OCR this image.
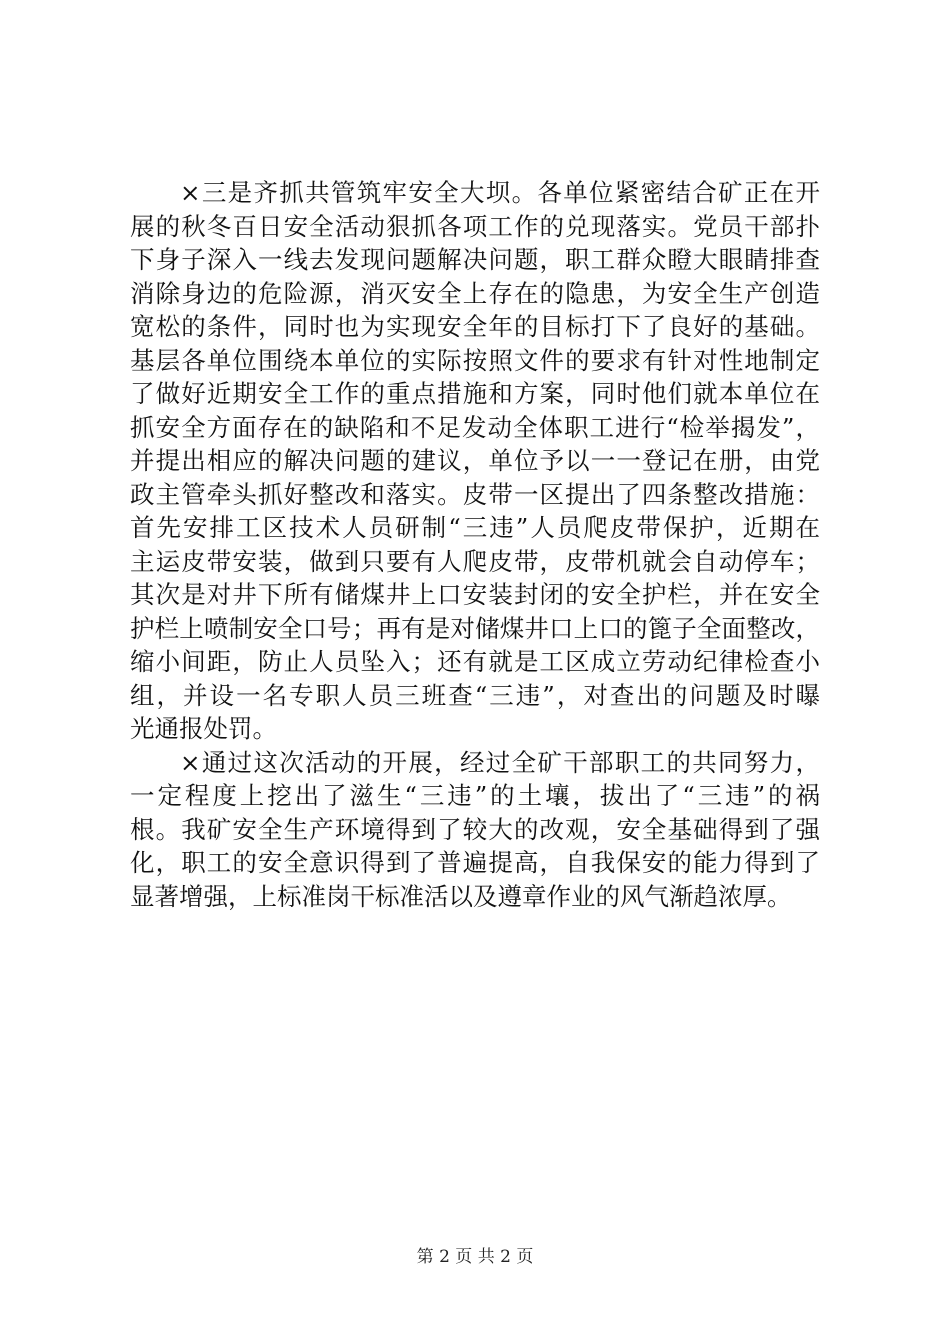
×三是齐抓共管筑牢安全大坝。各单位紧密结合矿正在开
展的秋冬百日安全活动狠抓各项工作的兑现落实。党员干部扑
下身子深入一线去发现问题解决问题，职工群众瞪大眼睛排查
消除身边的危险源，消灭安全上存在的隐患，为安全生产创造
宽松的条件，同时也为实现安全年的目标打下了良好的基础。
基层各单位围绕本单位的实际按照文件的要求有针对性地制定
了做好近期安全工作的重点措施和方案，同时他们就本单位在
抓安全方面存在的缺陷和不足发动全体职工进行“检举揭发”，
并提出相应的解决问题的建议，单位予以一一登记在册，由党
政主管牵头抓好整改和落实。皮带一区提出了四条整改措施：
首先安排工区技术人员研制“三违”人员爬皮带保护，近期在
主运皮带安装，做到只要有人爬皮带，皮带机就会自动停车；
其次是对井下所有储煤井上口安装封闭的安全护栏，并在安全
护栏上喷制安全口号；再有是对储煤井口上口的篦子全面整改，
缩小间距，防止人员坠入；还有就是工区成立劳动纪律检查小
组，并设一名专职人员三班查“三违”，对查出的问题及时曝
光通报处罚。
×通过这次活动的开展，经过全矿干部职工的共同努力，
一定程度上挖出了滋生“三违”的土壤，拔出了“三违”的祸
根。我矿安全生产环境得到了较大的改观，安全基础得到了强
化，职工的安全意识得到了普遍提高，自我保安的能力得到了
显著增强，上标准岗干标准活以及遵章作业的风气渐趋浓厚。
第 2 页 共 2 页
